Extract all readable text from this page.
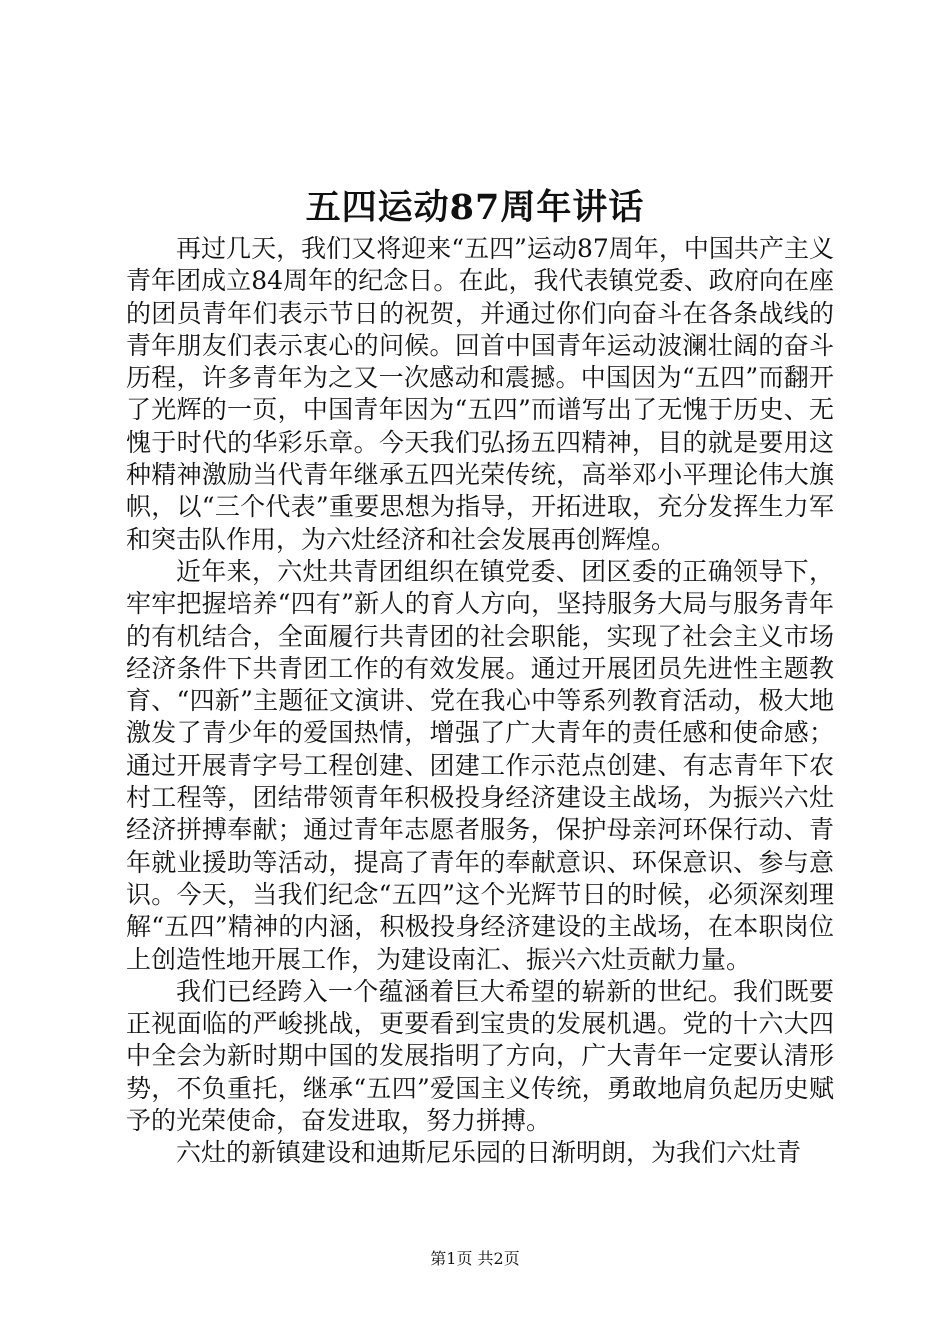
五四运动87周年讲话

再过几天，我们又将迎来“五四”运动87周年，中国共产主义青年团成立84周年的纪念日。在此，我代表镇党委、政府向在座的团员青年们表示节日的祝贺，并通过你们向奋斗在各条战线的青年朋友们表示衷心的问候。回首中国青年运动波澜壮阔的奋斗历程，许多青年为之又一次感动和震撼。中国因为“五四”而翻开了光辉的一页，中国青年因为“五四”而谱写出了无愧于历史、无愧于时代的华彩乐章。今天我们弘扬五四精神，目的就是要用这种精神激励当代青年继承五四光荣传统，高举邓小平理论伟大旗帜，以“三个代表”重要思想为指导，开拓进取，充分发挥生力军和突击队作用，为六灶经济和社会发展再创辉煌。

近年来，六灶共青团组织在镇党委、团区委的正确领导下，牢牢把握培养“四有”新人的育人方向，坚持服务大局与服务青年的有机结合，全面履行共青团的社会职能，实现了社会主义市场经济条件下共青团工作的有效发展。通过开展团员先进性主题教育、“四新”主题征文演讲、党在我心中等系列教育活动，极大地激发了青少年的爱国热情，增强了广大青年的责任感和使命感；通过开展青字号工程创建、团建工作示范点创建、有志青年下农村工程等，团结带领青年积极投身经济建设主战场，为振兴六灶经济拼搏奉献；通过青年志愿者服务，保护母亲河环保行动、青年就业援助等活动，提高了青年的奉献意识、环保意识、参与意识。今天，当我们纪念“五四”这个光辉节日的时候，必须深刻理解“五四”精神的内涵，积极投身经济建设的主战场，在本职岗位上创造性地开展工作，为建设南汇、振兴六灶贡献力量。

我们已经跨入一个蕴涵着巨大希望的崭新的世纪。我们既要正视面临的严峻挑战，更要看到宝贵的发展机遇。党的十六大四中全会为新时期中国的发展指明了方向，广大青年一定要认清形势，不负重托，继承“五四”爱国主义传统，勇敢地肩负起历史赋予的光荣使命，奋发进取，努力拼搏。

六灶的新镇建设和迪斯尼乐园的日渐明朗，为我们六灶青

第1页 共2页
